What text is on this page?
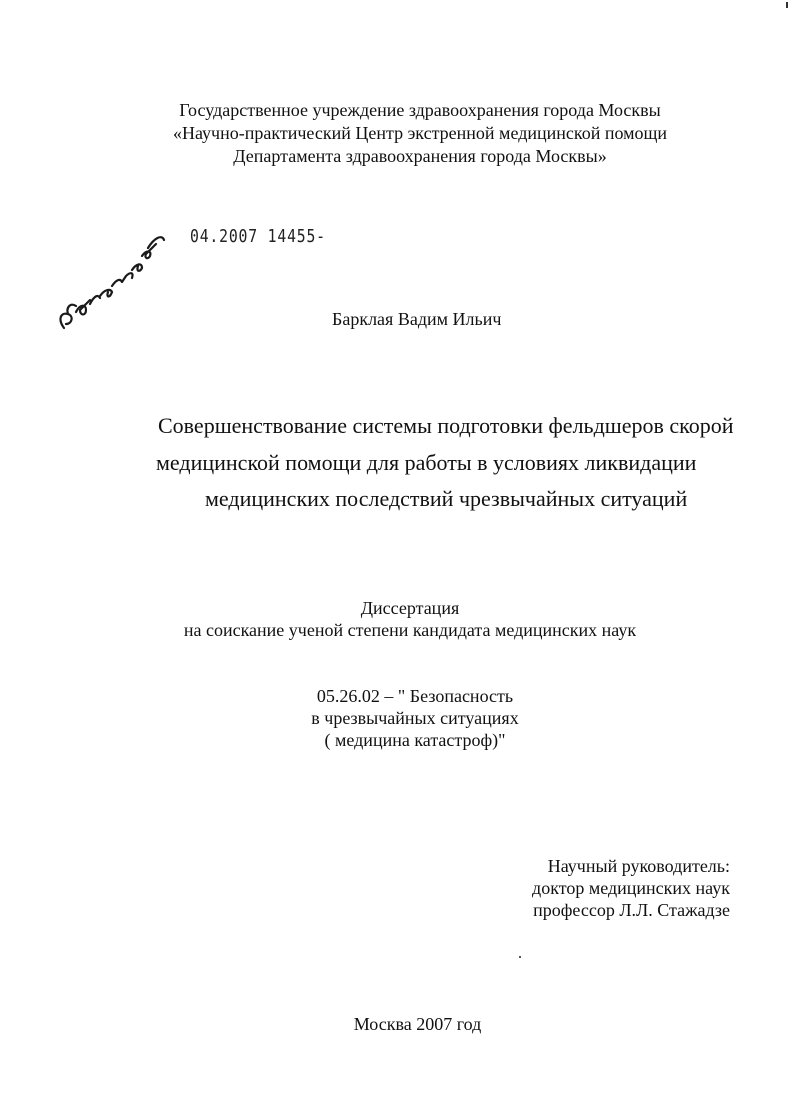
Государственное учреждение здравоохранения города Москвы
«Научно-практический Центр экстренной медицинской помощи
Департамента здравоохранения города Москвы»
04.2007 14455-
Барклая Вадим Ильич
Совершенствование системы подготовки фельдшеров скорой
медицинской помощи для работы в условиях ликвидации
медицинских последствий чрезвычайных ситуаций
Диссертация
на соискание ученой степени кандидата медицинских наук
05.26.02 – " Безопасность
в чрезвычайных ситуациях
( медицина катастроф)"
Научный руководитель:
доктор медицинских наук
профессор Л.Л. Стажадзе
Москва 2007 год
